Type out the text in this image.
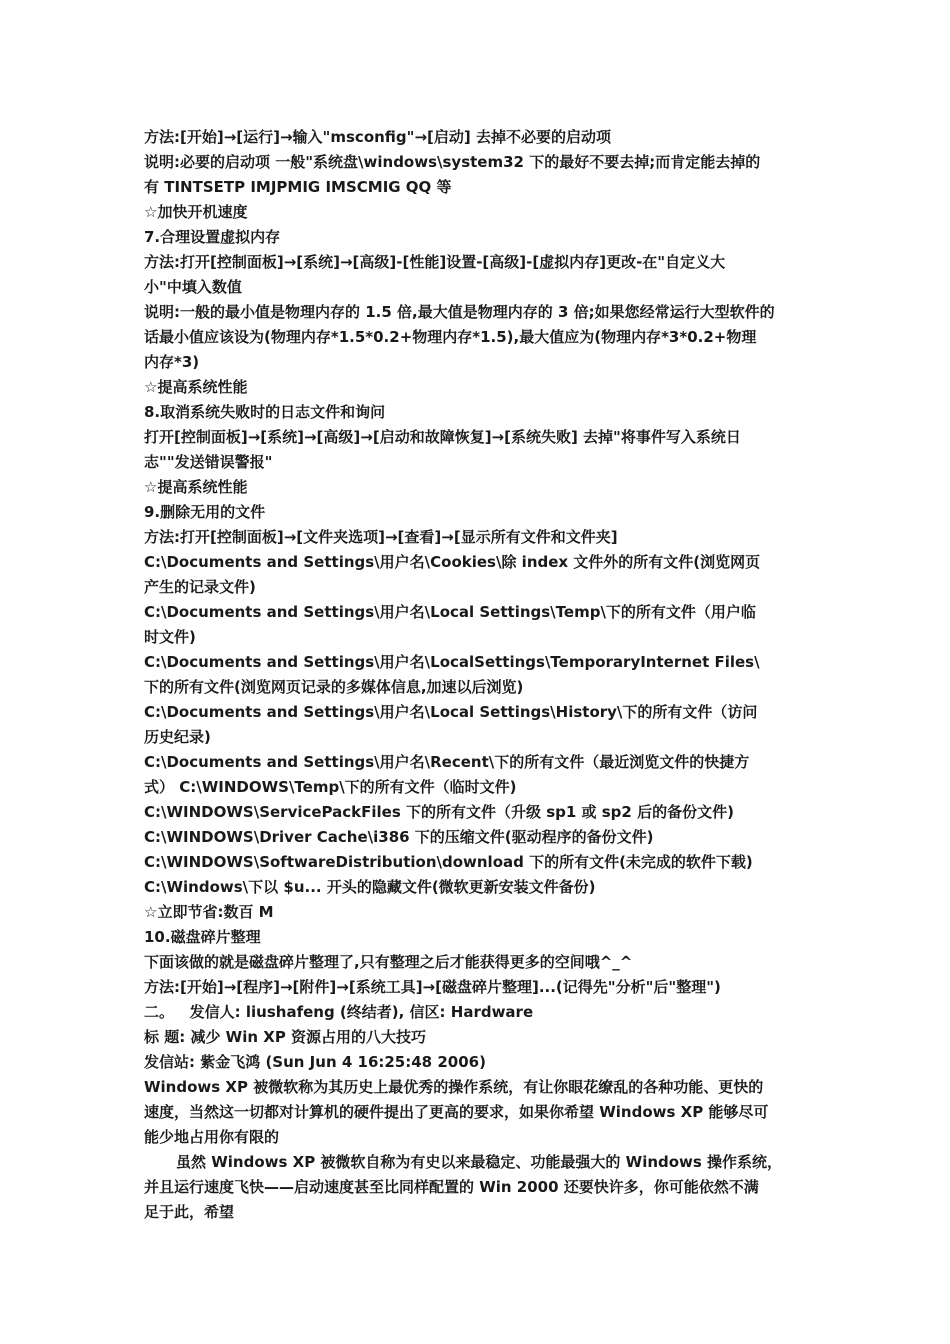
方法:[开始]→[运行]→输入"msconfig"→[启动] 去掉不必要的启动项
说明:必要的启动项 一般"系统盘\windows\system32 下的最好不要去掉;而肯定能去掉的
有 TINTSETP IMJPMIG IMSCMIG QQ 等
☆加快开机速度
7.合理设置虚拟内存
方法:打开[控制面板]→[系统]→[高级]-[性能]设置-[高级]-[虚拟内存]更改-在"自定义大
小"中填入数值
说明:一般的最小值是物理内存的 1.5 倍,最大值是物理内存的 3 倍;如果您经常运行大型软件的
话最小值应该设为(物理内存*1.5*0.2+物理内存*1.5),最大值应为(物理内存*3*0.2+物理
内存*3)
☆提高系统性能
8.取消系统失败时的日志文件和询问
打开[控制面板]→[系统]→[高级]→[启动和故障恢复]→[系统失败] 去掉"将事件写入系统日
志""发送错误警报"
☆提高系统性能
9.删除无用的文件
方法:打开[控制面板]→[文件夹选项]→[查看]→[显示所有文件和文件夹]
C:\Documents and Settings\用户名\Cookies\除 index 文件外的所有文件(浏览网页
产生的记录文件)
C:\Documents and Settings\用户名\Local Settings\Temp\下的所有文件（用户临
时文件)
C:\Documents and Settings\用户名\LocalSettings\TemporaryInternet Files\
下的所有文件(浏览网页记录的多媒体信息,加速以后浏览)
C:\Documents and Settings\用户名\Local Settings\History\下的所有文件（访问
历史纪录)
C:\Documents and Settings\用户名\Recent\下的所有文件（最近浏览文件的快捷方
式） C:\WINDOWS\Temp\下的所有文件（临时文件)
C:\WINDOWS\ServicePackFiles 下的所有文件（升级 sp1 或 sp2 后的备份文件)
C:\WINDOWS\Driver Cache\i386 下的压缩文件(驱动程序的备份文件)
C:\WINDOWS\SoftwareDistribution\download 下的所有文件(未完成的软件下载)
C:\Windows\下以 $u... 开头的隐藏文件(微软更新安装文件备份)
☆立即节省:数百 M
10.磁盘碎片整理
下面该做的就是磁盘碎片整理了,只有整理之后才能获得更多的空间哦^_^
方法:[开始]→[程序]→[附件]→[系统工具]→[磁盘碎片整理]...(记得先"分析"后"整理")
二。   发信人: liushafeng (终结者), 信区: Hardware
标 题: 减少 Win XP 资源占用的八大技巧
发信站: 紫金飞鸿 (Sun Jun 4 16:25:48 2006)
Windows XP 被微软称为其历史上最优秀的操作系统，有让你眼花缭乱的各种功能、更快的
速度，当然这一切都对计算机的硬件提出了更高的要求，如果你希望 Windows XP 能够尽可
能少地占用你有限的
虽然 Windows XP 被微软自称为有史以来最稳定、功能最强大的 Windows 操作系统，
并且运行速度飞快——启动速度甚至比同样配置的 Win 2000 还要快许多，你可能依然不满
足于此，希望
